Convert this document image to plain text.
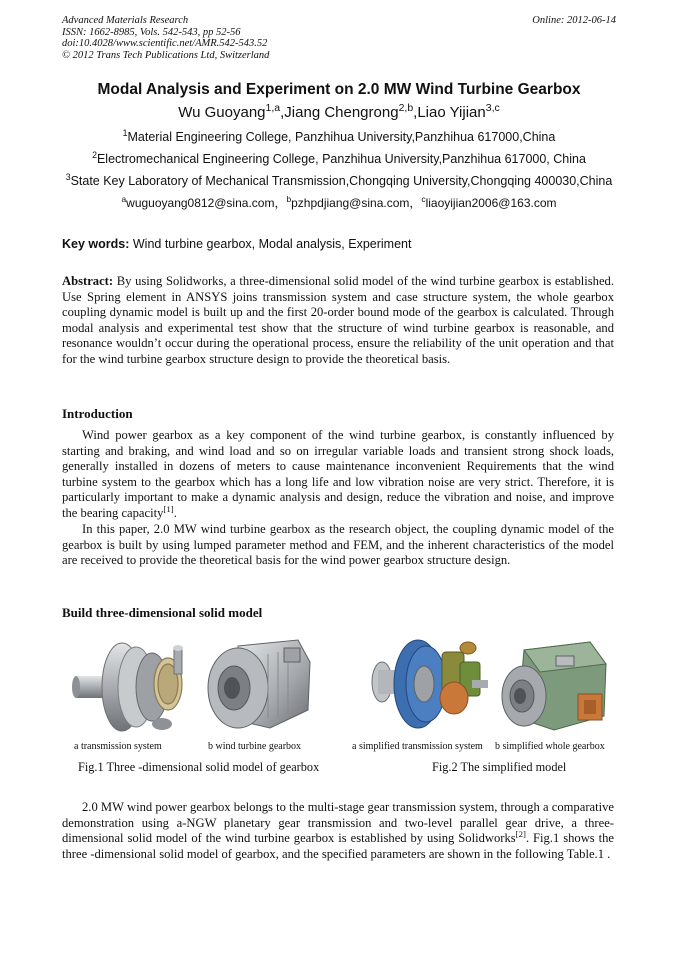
Advanced Materials Research
ISSN: 1662-8985, Vols. 542-543, pp 52-56
doi:10.4028/www.scientific.net/AMR.542-543.52
© 2012 Trans Tech Publications Ltd, Switzerland
Online: 2012-06-14
Modal Analysis and Experiment on 2.0 MW Wind Turbine Gearbox
Wu Guoyang$^{1,a}$,Jiang Chengrong$^{2,b}$,Liao Yijian$^{3,c}$
$^1$Material Engineering College, Panzhihua University,Panzhihua 617000,China
$^2$Electromechanical Engineering College, Panzhihua University,Panzhihua 617000, China
$^3$State Key Laboratory of Mechanical Transmission,Chongqing University,Chongqing 400030,China
$^a$wuguoyang0812@sina.com，$^b$pzhpdjiang@sina.com，$^c$liaoyijian2006@163.com
Key words: Wind turbine gearbox, Modal analysis, Experiment
Abstract: By using Solidworks, a three-dimensional solid model of the wind turbine gearbox is established. Use Spring element in ANSYS joins transmission system and case structure system, the whole gearbox coupling dynamic model is built up and the first 20-order bound mode of the gearbox is calculated. Through modal analysis and experimental test show that the structure of wind turbine gearbox is reasonable, and resonance wouldn’t occur during the operational process, ensure the reliability of the unit operation and that for the wind turbine gearbox structure design to provide the theoretical basis.
Introduction
Wind power gearbox as a key component of the wind turbine gearbox, is constantly influenced by starting and braking, and wind load and so on irregular variable loads and transient strong shock loads, generally installed in dozens of meters to cause maintenance inconvenient Requirements that the wind turbine system to the gearbox which has a long life and low vibration noise are very strict. Therefore, it is particularly important to make a dynamic analysis and design, reduce the vibration and noise, and improve the bearing capacity[1].
In this paper, 2.0 MW wind turbine gearbox as the research object, the coupling dynamic model of the gearbox is built by using lumped parameter method and FEM, and the inherent characteristics of the model are received to provide the theoretical basis for the wind power gearbox structure design.
Build three-dimensional solid model
a transmission system	b wind turbine gearbox	a simplified transmission system b simplified whole gearbox
Fig.1 Three -dimensional solid model of gearbox	Fig.2 The simplified model
2.0 MW wind power gearbox belongs to the multi-stage gear transmission system, through a comparative demonstration using a-NGW planetary gear transmission and two-level parallel gear drive, a three-dimensional solid model of the wind turbine gearbox is established by using Solidworks[2]. Fig.1 shows the three -dimensional solid model of gearbox, and the specified parameters are shown in the following Table.1 .
